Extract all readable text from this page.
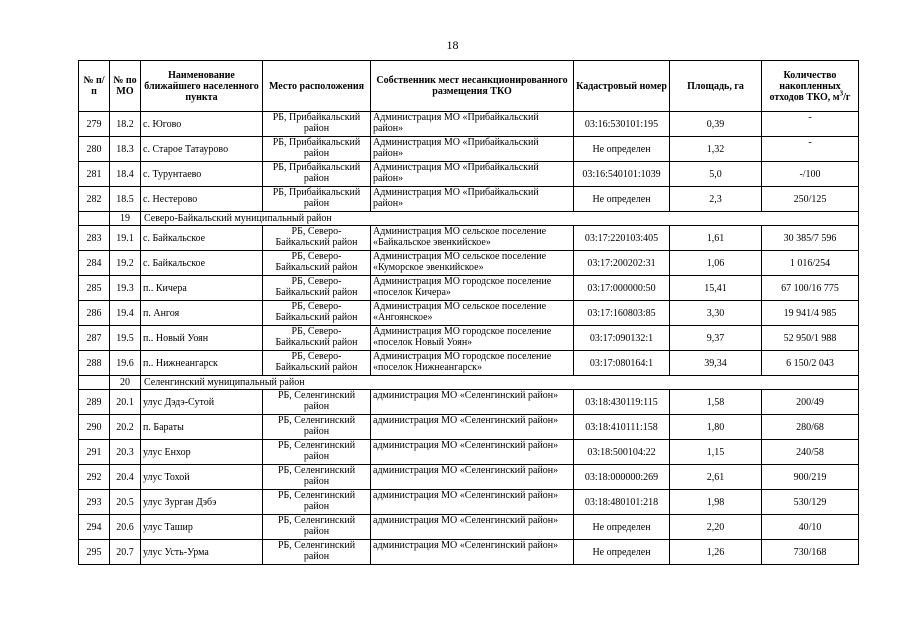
18
№ п/п	№ по МО	Наименование ближайшего населенного пункта	Место расположения	Собственник мест несанкционированного размещения ТКО	Кадастровый номер	Площадь, га	Количество накопленных отходов ТКО, $м^3/г$
279	18.2	с. Югово	РБ, Прибайкальский район	Администрация МО «Прибайкальский район»	03:16:530101:195	0,39	-
280	18.3	с. Старое Татаурово	РБ, Прибайкальский район	Администрация МО «Прибайкальский район»	Не определен	1,32	-
281	18.4	с. Турунтаево	РБ, Прибайкальский район	Администрация МО «Прибайкальский район»	03:16:540101:1039	5,0	-/100
282	18.5	с. Нестерово	РБ, Прибайкальский район	Администрация МО «Прибайкальский район»	Не определен	2,3	250/125
	19	Северо-Байкальский муниципальный район					
283	19.1	с. Байкальское	РБ, Северо-Байкальский район	Администрация МО сельское поселение «Байкальское эвенкийское»	03:17:220103:405	1,61	30 385/7 596
284	19.2	с. Байкальское	РБ, Северо-Байкальский район	Администрация МО сельское поселение «Куморское эвенкийское»	03:17:200202:31	1,06	1 016/254
285	19.3	п.. Кичера	РБ, Северо-Байкальский район	Администрация МО городское поселение «поселок Кичера»	03:17:000000:50	15,41	67 100/16 775
286	19.4	п. Ангоя	РБ, Северо-Байкальский район	Администрация МО сельское поселение «Ангоянское»	03:17:160803:85	3,30	19 941/4 985
287	19.5	п.. Новый Уоян	РБ, Северо-Байкальский район	Администрация МО городское поселение «поселок Новый Уоян»	03:17:090132:1	9,37	52 950/1 988
288	19.6	п.. Нижнеангарск	РБ, Северо-Байкальский район	Администрация МО городское поселение «поселок Нижнеангарск»	03:17:080164:1	39,34	6 150/2 043
	20	Селенгинский муниципальный район					
289	20.1	улус Дэдэ-Сутой	РБ, Селенгинский район	администрация МО «Селенгинский район»	03:18:430119:115	1,58	200/49
290	20.2	п. Бараты	РБ, Селенгинский район	администрация МО «Селенгинский район»	03:18:410111:158	1,80	280/68
291	20.3	улус Енхор	РБ, Селенгинский район	администрация МО «Селенгинский район»	03:18:500104:22	1,15	240/58
292	20.4	улус Тохой	РБ, Селенгинский район	администрация МО «Селенгинский район»	03:18:000000:269	2,61	900/219
293	20.5	улус Зурган Дэбэ	РБ, Селенгинский район	администрация МО «Селенгинский район»	03:18:480101:218	1,98	530/129
294	20.6	улус Ташир	РБ, Селенгинский район	администрация МО «Селенгинский район»	Не определен	2,20	40/10
295	20.7	улус Усть-Урма	РБ, Селенгинский район	администрация МО «Селенгинский район»	Не определен	1,26	730/168
